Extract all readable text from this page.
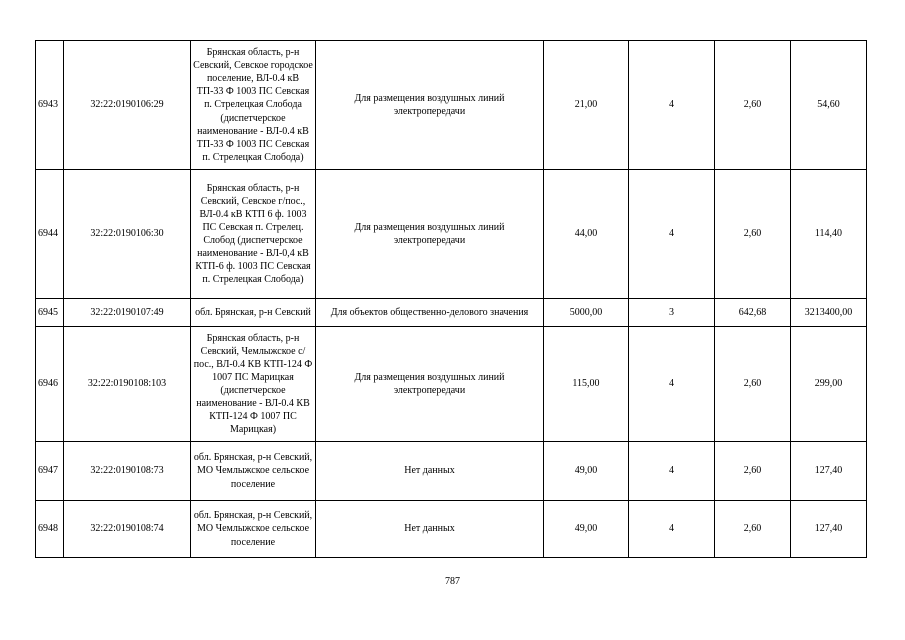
6943	32:22:0190106:29	Брянская область, р-н Севский, Севское городское поселение, ВЛ-0.4 кВ ТП-33 Ф 1003 ПС Севская п. Стрелецкая Слобода (диспетчерское наименование - ВЛ-0.4 кВ ТП-33 Ф 1003 ПС Севская п. Стрелецкая Слобода)	Для размещения воздушных линий электропередачи	21,00	4	2,60	54,60
6944	32:22:0190106:30	Брянская область, р-н Севский, Севское г/пос., ВЛ-0.4 кВ КТП 6 ф. 1003 ПС Севская п. Стрелец. Слобод (диспетчерское наименование - ВЛ-0,4 кВ КТП-6 ф. 1003 ПС Севская п. Стрелецкая Слобода)	Для размещения воздушных линий электропередачи	44,00	4	2,60	114,40
6945	32:22:0190107:49	обл. Брянская, р-н Севский	Для объектов общественно-делового значения	5000,00	3	642,68	3213400,00
6946	32:22:0190108:103	Брянская область, р-н Севский, Чемлыжское с/пос., ВЛ-0.4 КВ КТП-124 Ф 1007 ПС Марицкая (диспетчерское наименование - ВЛ-0.4 КВ КТП-124 Ф 1007 ПС Марицкая)	Для размещения воздушных линий электропередачи	115,00	4	2,60	299,00
6947	32:22:0190108:73	обл. Брянская, р-н Севский, МО Чемлыжское сельское поселение	Нет данных	49,00	4	2,60	127,40
6948	32:22:0190108:74	обл. Брянская, р-н Севский, МО Чемлыжское сельское поселение	Нет данных	49,00	4	2,60	127,40
787
